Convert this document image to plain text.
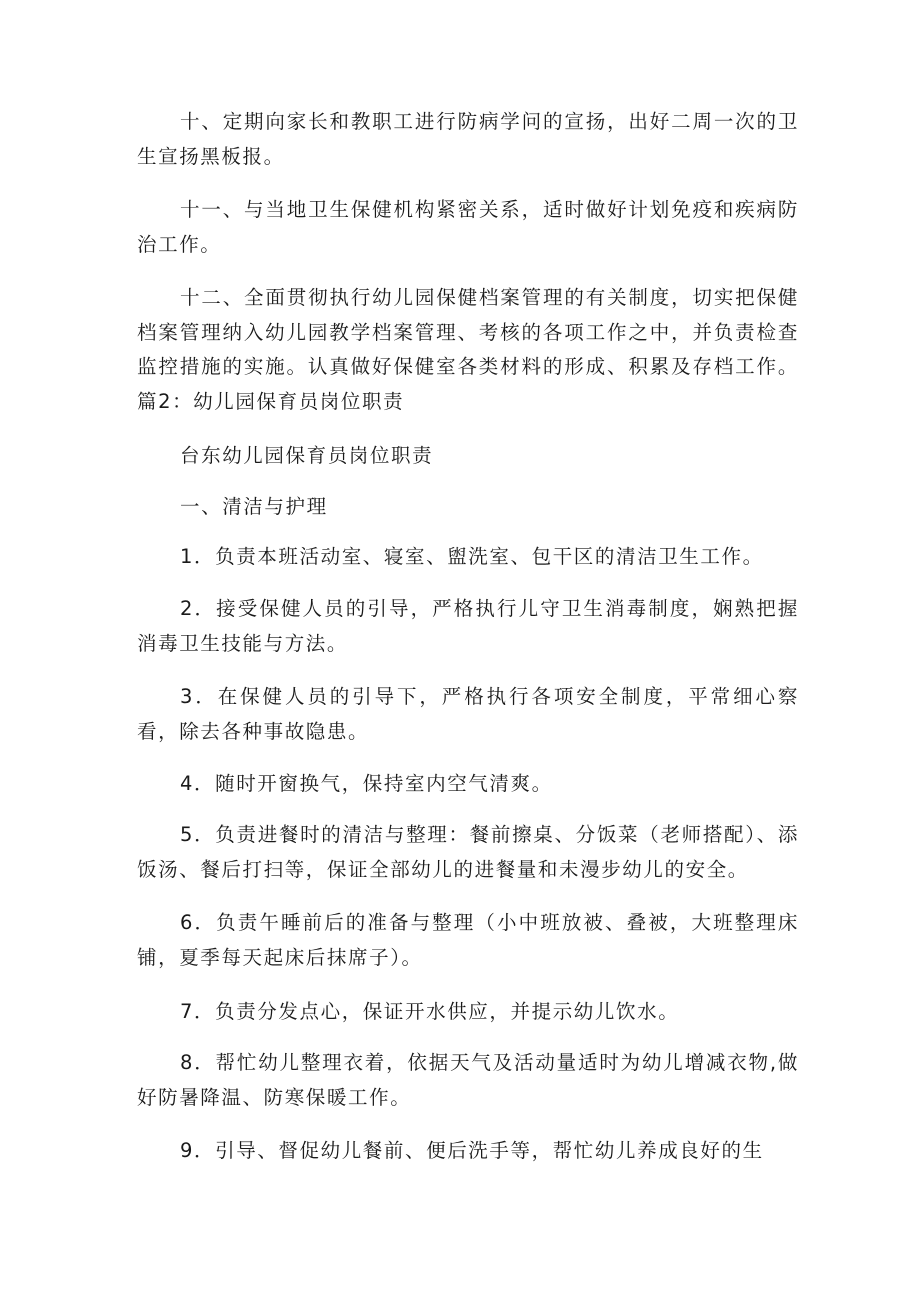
十、定期向家长和教职工进行防病学问的宣扬，出好二周一次的卫生宣扬黑板报。

十一、与当地卫生保健机构紧密关系，适时做好计划免疫和疾病防治工作。

十二、全面贯彻执行幼儿园保健档案管理的有关制度，切实把保健档案管理纳入幼儿园教学档案管理、考核的各项工作之中，并负责检查监控措施的实施。认真做好保健室各类材料的形成、积累及存档工作。篇2：幼儿园保育员岗位职责

台东幼儿园保育员岗位职责

一、清洁与护理

1．负责本班活动室、寝室、盥洗室、包干区的清洁卫生工作。

2．接受保健人员的引导，严格执行儿守卫生消毒制度，娴熟把握消毒卫生技能与方法。

3．在保健人员的引导下，严格执行各项安全制度，平常细心察看，除去各种事故隐患。

4．随时开窗换气，保持室内空气清爽。

5．负责进餐时的清洁与整理：餐前擦桌、分饭菜（老师搭配）、添饭汤、餐后打扫等，保证全部幼儿的进餐量和未漫步幼儿的安全。

6．负责午睡前后的准备与整理（小中班放被、叠被，大班整理床铺，夏季每天起床后抹席子）。

7．负责分发点心，保证开水供应，并提示幼儿饮水。

8．帮忙幼儿整理衣着，依据天气及活动量适时为幼儿增减衣物,做好防暑降温、防寒保暖工作。

9．引导、督促幼儿餐前、便后洗手等，帮忙幼儿养成良好的生
